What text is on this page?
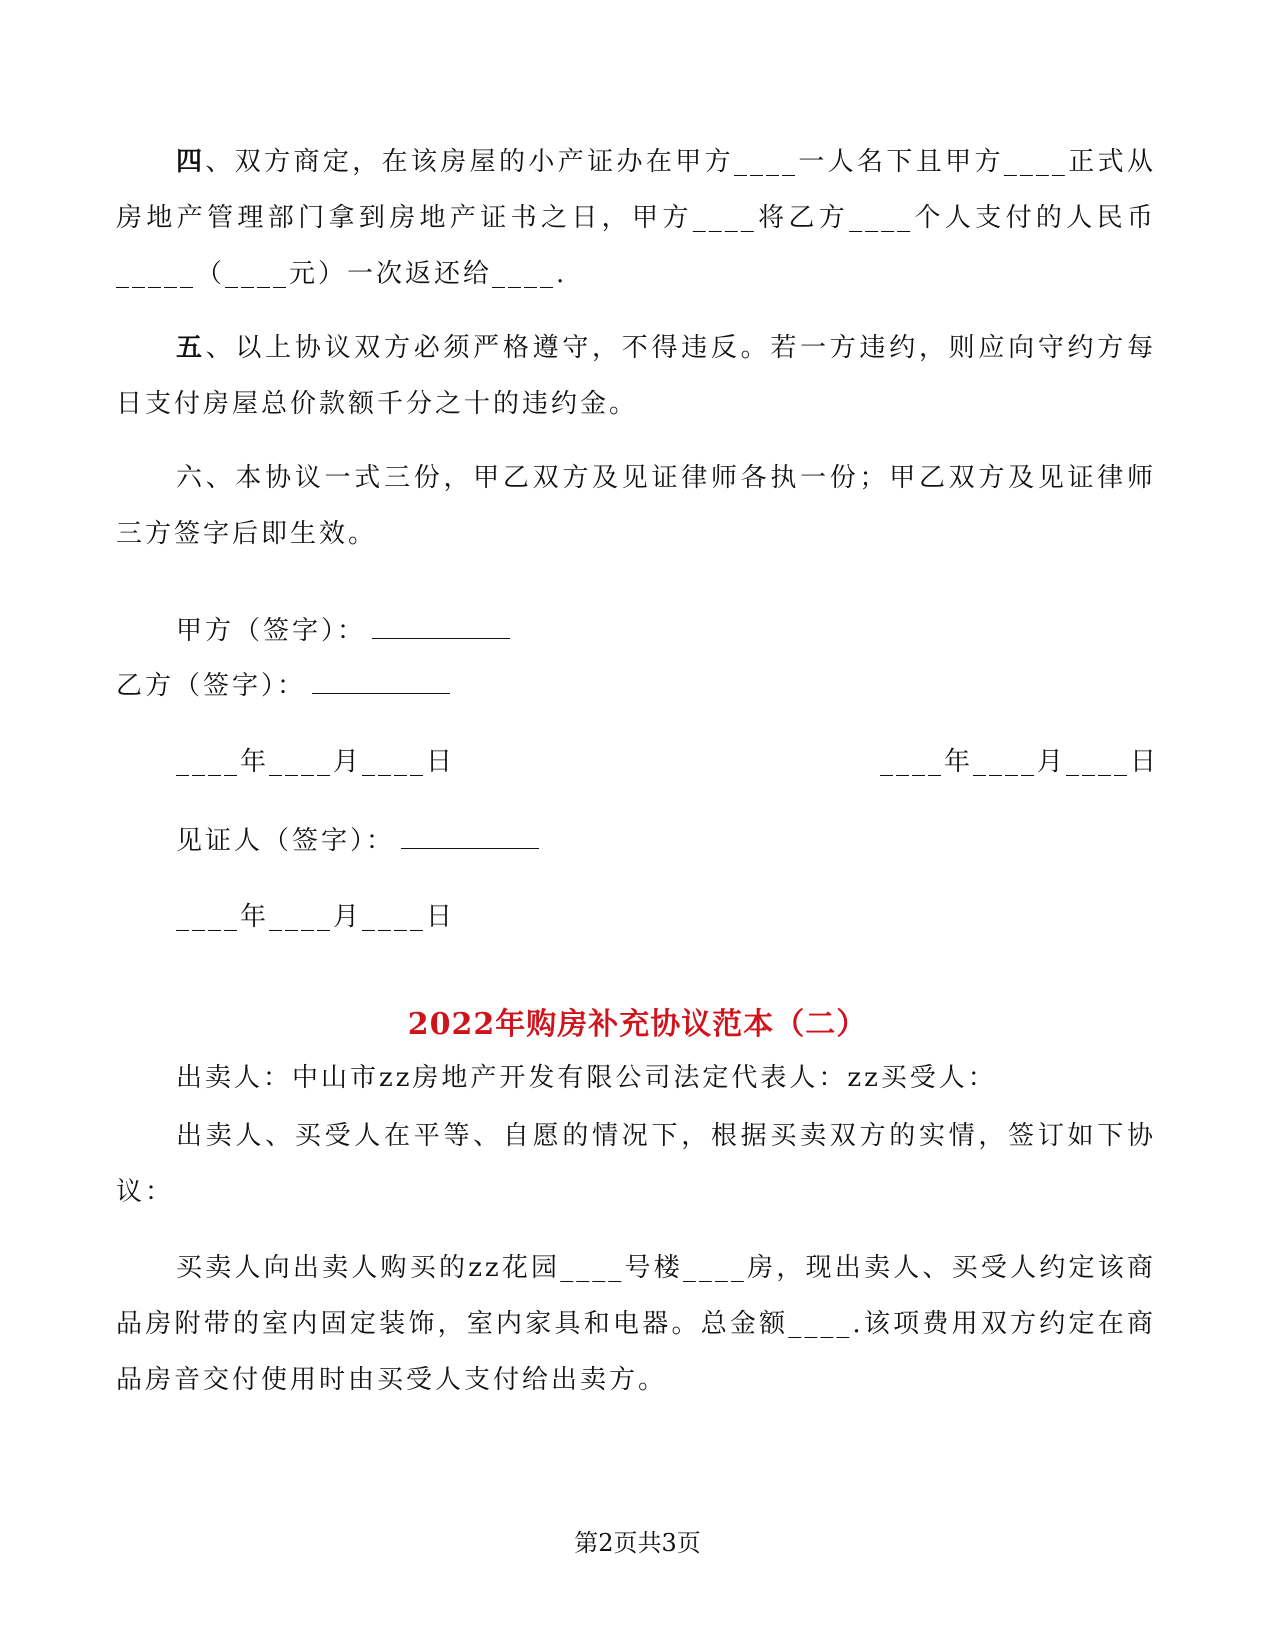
四、双方商定，在该房屋的小产证办在甲方____一人名下且甲方____正式从房地产管理部门拿到房地产证书之日，甲方____将乙方____个人支付的人民币_____（____元）一次返还给____.

五、以上协议双方必须严格遵守，不得违反。若一方违约，则应向守约方每日支付房屋总价款额千分之十的违约金。

六、本协议一式三份，甲乙双方及见证律师各执一份；甲乙双方及见证律师三方签字后即生效。

甲方（签字）：

乙方（签字）：

____年____月____日	____年____月____日

见证人（签字）：

____年____月____日

2022年购房补充协议范本（二）

出卖人：中山市zz房地产开发有限公司法定代表人：zz买受人：

出卖人、买受人在平等、自愿的情况下，根据买卖双方的实情，签订如下协议：

买卖人向出卖人购买的zz花园____号楼____房，现出卖人、买受人约定该商品房附带的室内固定装饰，室内家具和电器。总金额____.该项费用双方约定在商品房音交付使用时由买受人支付给出卖方。

第2页共3页
